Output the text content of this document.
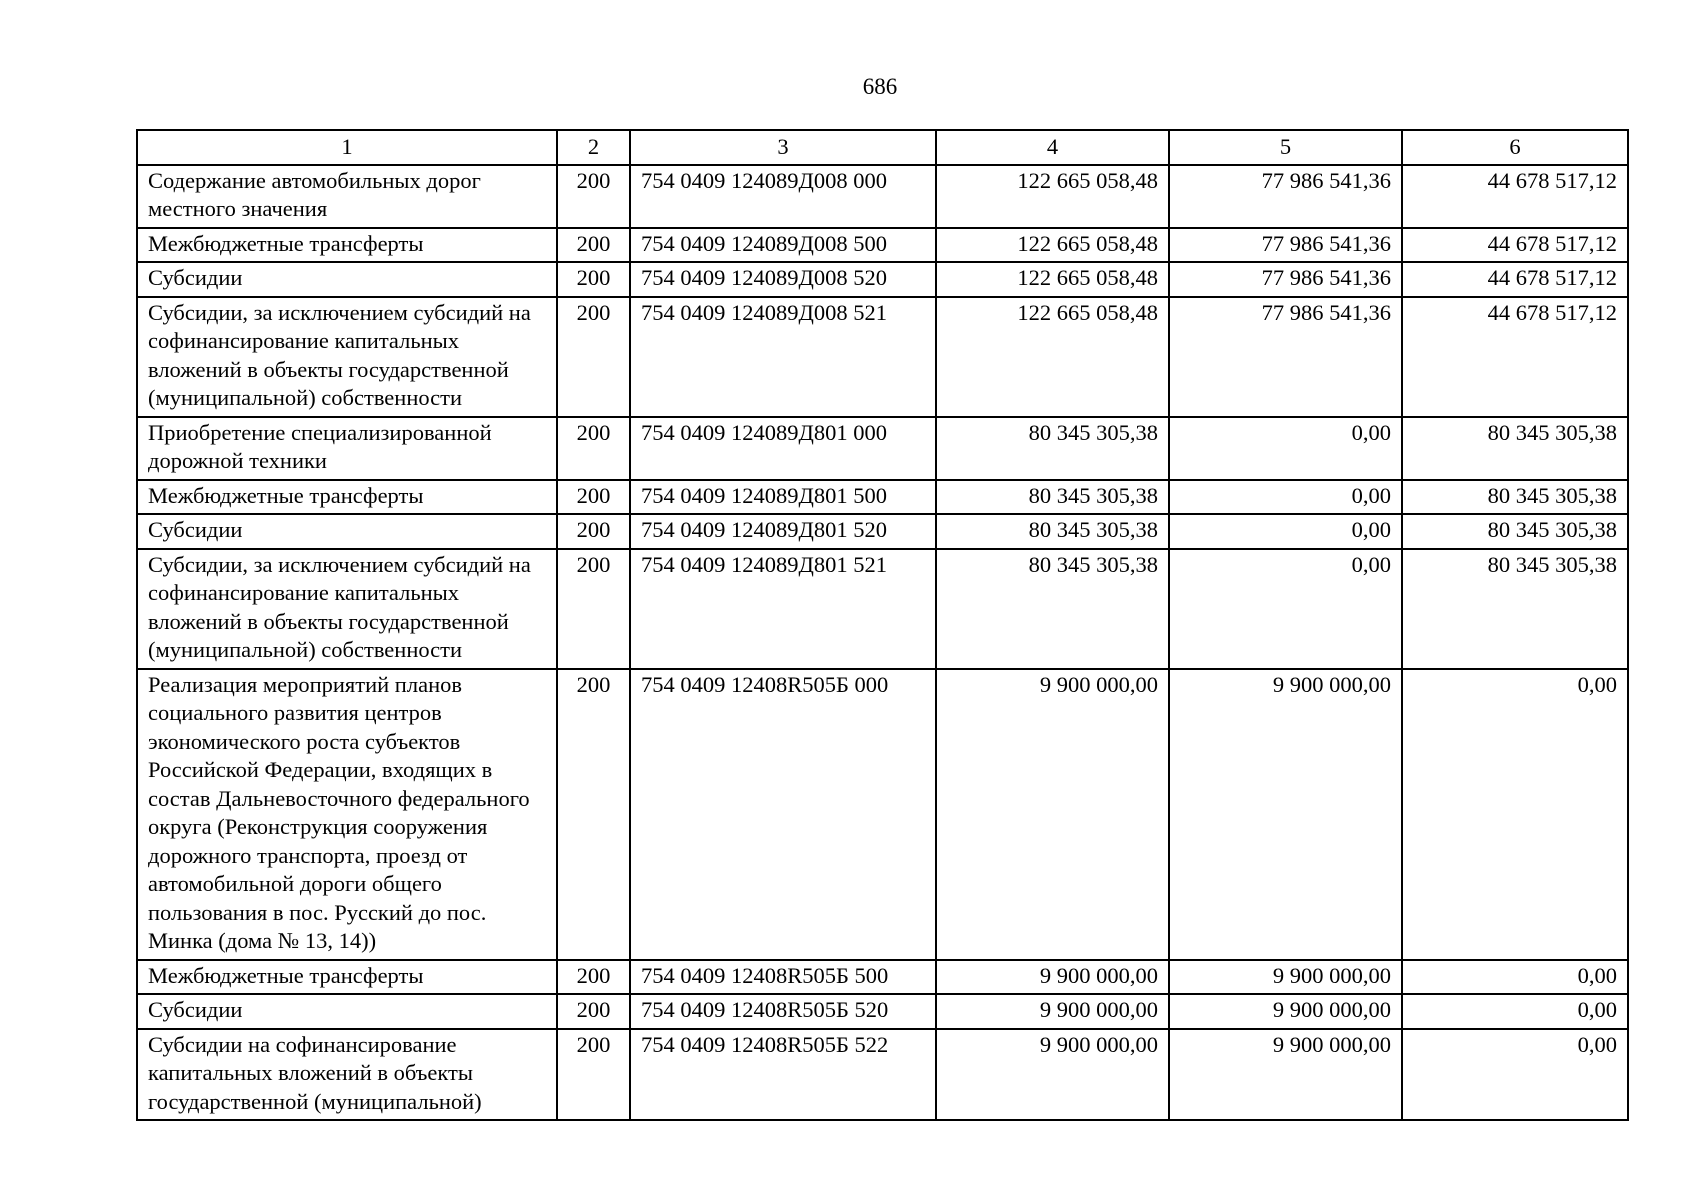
686
1	2	3	4	5	6
Содержание автомобильных дорог местного значения	200	754 0409 124089Д008 000	122 665 058,48	77 986 541,36	44 678 517,12
Межбюджетные трансферты	200	754 0409 124089Д008 500	122 665 058,48	77 986 541,36	44 678 517,12
Субсидии	200	754 0409 124089Д008 520	122 665 058,48	77 986 541,36	44 678 517,12
Субсидии, за исключением субсидий на софинансирование капитальных вложений в объекты государственной (муниципальной) собственности	200	754 0409 124089Д008 521	122 665 058,48	77 986 541,36	44 678 517,12
Приобретение специализированной дорожной техники	200	754 0409 124089Д801 000	80 345 305,38	0,00	80 345 305,38
Межбюджетные трансферты	200	754 0409 124089Д801 500	80 345 305,38	0,00	80 345 305,38
Субсидии	200	754 0409 124089Д801 520	80 345 305,38	0,00	80 345 305,38
Субсидии, за исключением субсидий на софинансирование капитальных вложений в объекты государственной (муниципальной) собственности	200	754 0409 124089Д801 521	80 345 305,38	0,00	80 345 305,38
Реализация мероприятий планов социального развития центров экономического роста субъектов Российской Федерации, входящих в состав Дальневосточного федерального округа (Реконструкция сооружения дорожного транспорта, проезд от автомобильной дороги общего пользования в пос. Русский до пос. Минка (дома № 13, 14))	200	754 0409 12408R505Б 000	9 900 000,00	9 900 000,00	0,00
Межбюджетные трансферты	200	754 0409 12408R505Б 500	9 900 000,00	9 900 000,00	0,00
Субсидии	200	754 0409 12408R505Б 520	9 900 000,00	9 900 000,00	0,00
Субсидии на софинансирование капитальных вложений в объекты государственной (муниципальной)	200	754 0409 12408R505Б 522	9 900 000,00	9 900 000,00	0,00
